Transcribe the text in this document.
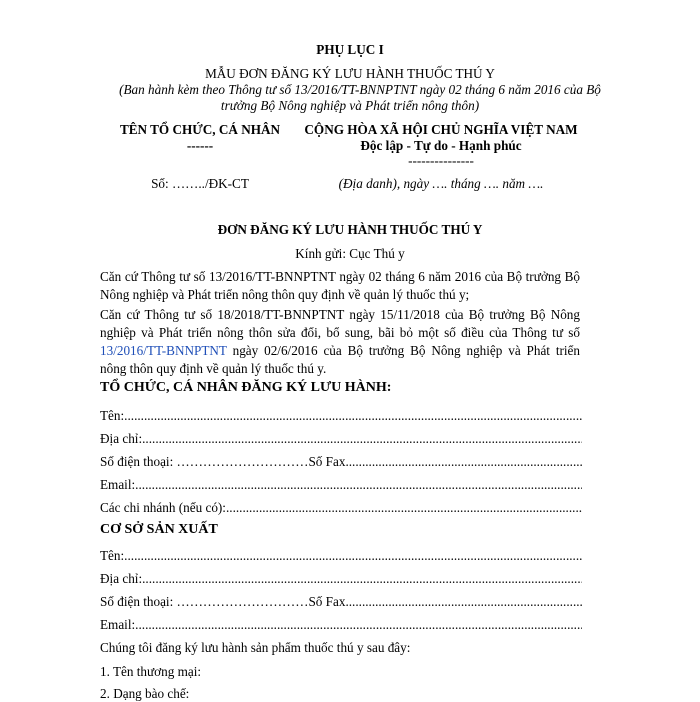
PHỤ LỤC I
MẪU ĐƠN ĐĂNG KÝ LƯU HÀNH THUỐC THÚ Y
(Ban hành kèm theo Thông tư số 13/2016/TT-BNNPTNT ngày 02 tháng 6 năm 2016 của Bộ
trưởng Bộ Nông nghiệp và Phát triển nông thôn)
TÊN TỔ CHỨC, CÁ NHÂN
------
Số: ……../ĐK-CT
CỘNG HÒA XÃ HỘI CHỦ NGHĨA VIỆT NAM
Độc lập - Tự do - Hạnh phúc
---------------
(Địa danh), ngày …. tháng …. năm ….
ĐƠN ĐĂNG KÝ LƯU HÀNH THUỐC THÚ Y
Kính gửi: Cục Thú y
Căn cứ Thông tư số 13/2016/TT-BNNPTNT ngày 02 tháng 6 năm 2016 của Bộ trưởng Bộ Nông nghiệp và Phát triển nông thôn quy định về quản lý thuốc thú y;
Căn cứ Thông tư số 18/2018/TT-BNNPTNT ngày 15/11/2018 của Bộ trưởng Bộ Nông nghiệp và Phát triển nông thôn sửa đổi, bổ sung, bãi bỏ một số điều của Thông tư số 13/2016/TT-BNNPTNT ngày 02/6/2016 của Bộ trưởng Bộ Nông nghiệp và Phát triển nông thôn quy định về quản lý thuốc thú y.
TỔ CHỨC, CÁ NHÂN ĐĂNG KÝ LƯU HÀNH:
Tên:
.....
Địa chỉ:
.....
Số điện thoại: ………………………… Số Fax
.....
Email:
.....
Các chi nhánh (nếu có):
.....
CƠ SỞ SẢN XUẤT
Tên:
.....
Địa chỉ:
.....
Số điện thoại: ………………………… Số Fax
.....
Email:
.....
Chúng tôi đăng ký lưu hành sản phẩm thuốc thú y sau đây:
1. Tên thương mại:
2. Dạng bào chế:
